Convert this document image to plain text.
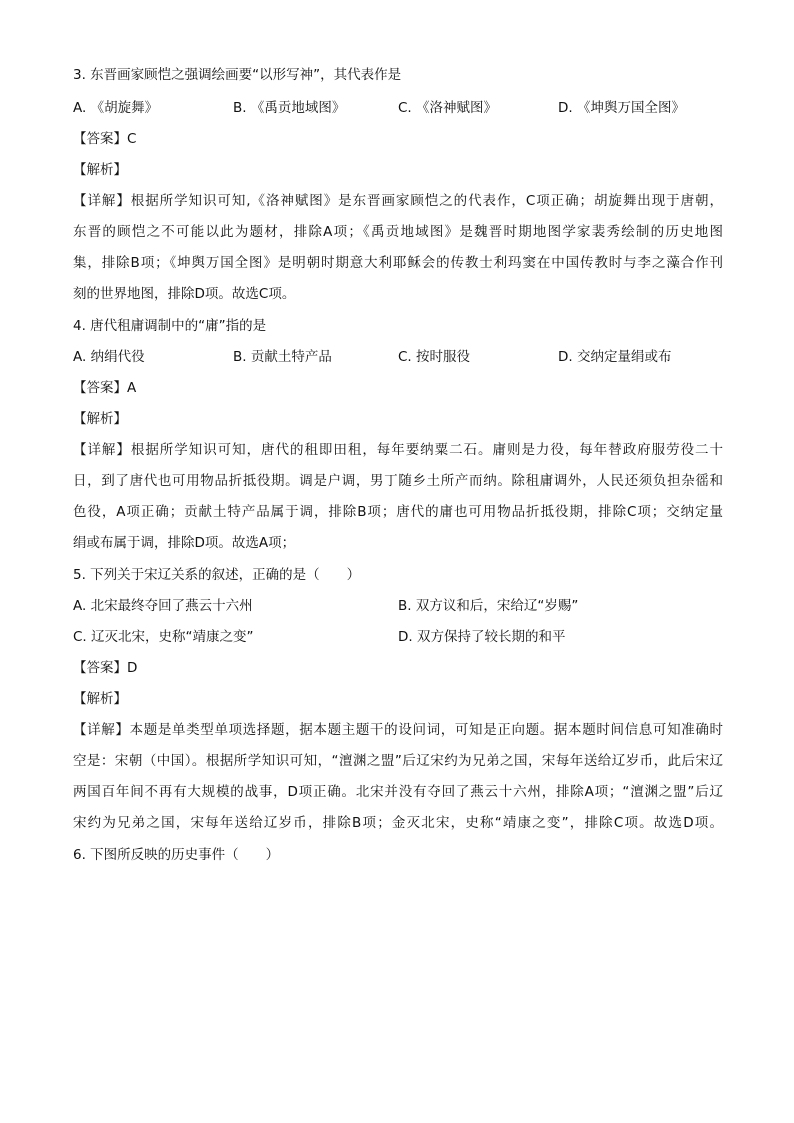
3. 东晋画家顾恺之强调绘画要“以形写神”，其代表作是
A. 《胡旋舞》	B. 《禹贡地域图》	C. 《洛神赋图》	D. 《坤舆万国全图》
【答案】C
【解析】
【详解】根据所学知识可知,《洛神赋图》是东晋画家顾恺之的代表作，C项正确；胡旋舞出现于唐朝，
东晋的顾恺之不可能以此为题材，排除A项；《禹贡地域图》是魏晋时期地图学家裴秀绘制的历史地图
集，排除B项；《坤舆万国全图》是明朝时期意大利耶稣会的传教士利玛窦在中国传教时与李之藻合作刊
刻的世界地图，排除D项。故选C项。
4. 唐代租庸调制中的“庸”指的是
A. 纳绢代役	B. 贡献土特产品	C. 按时服役	D. 交纳定量绢或布
【答案】A
【解析】
【详解】根据所学知识可知，唐代的租即田租，每年要纳粟二石。庸则是力役，每年替政府服劳役二十
日，到了唐代也可用物品折抵役期。调是户调，男丁随乡土所产而纳。除租庸调外，人民还须负担杂徭和
色役，A项正确；贡献土特产品属于调，排除B项；唐代的庸也可用物品折抵役期，排除C项；交纳定量
绢或布属于调，排除D项。故选A项；
5. 下列关于宋辽关系的叙述，正确的是（　　）
A. 北宋最终夺回了燕云十六州	B. 双方议和后，宋给辽“岁赐”
C. 辽灭北宋，史称“靖康之变”	D. 双方保持了较长期的和平
【答案】D
【解析】
【详解】本题是单类型单项选择题，据本题主题干的设问词，可知是正向题。据本题时间信息可知准确时
空是：宋朝（中国）。根据所学知识可知，“澶渊之盟”后辽宋约为兄弟之国，宋每年送给辽岁币，此后宋辽
两国百年间不再有大规模的战事，D项正确。北宋并没有夺回了燕云十六州，排除A项；“澶渊之盟”后辽
宋约为兄弟之国，宋每年送给辽岁币，排除B项；金灭北宋，史称“靖康之变”，排除C项。故选D项。
6. 下图所反映的历史事件（　　）
